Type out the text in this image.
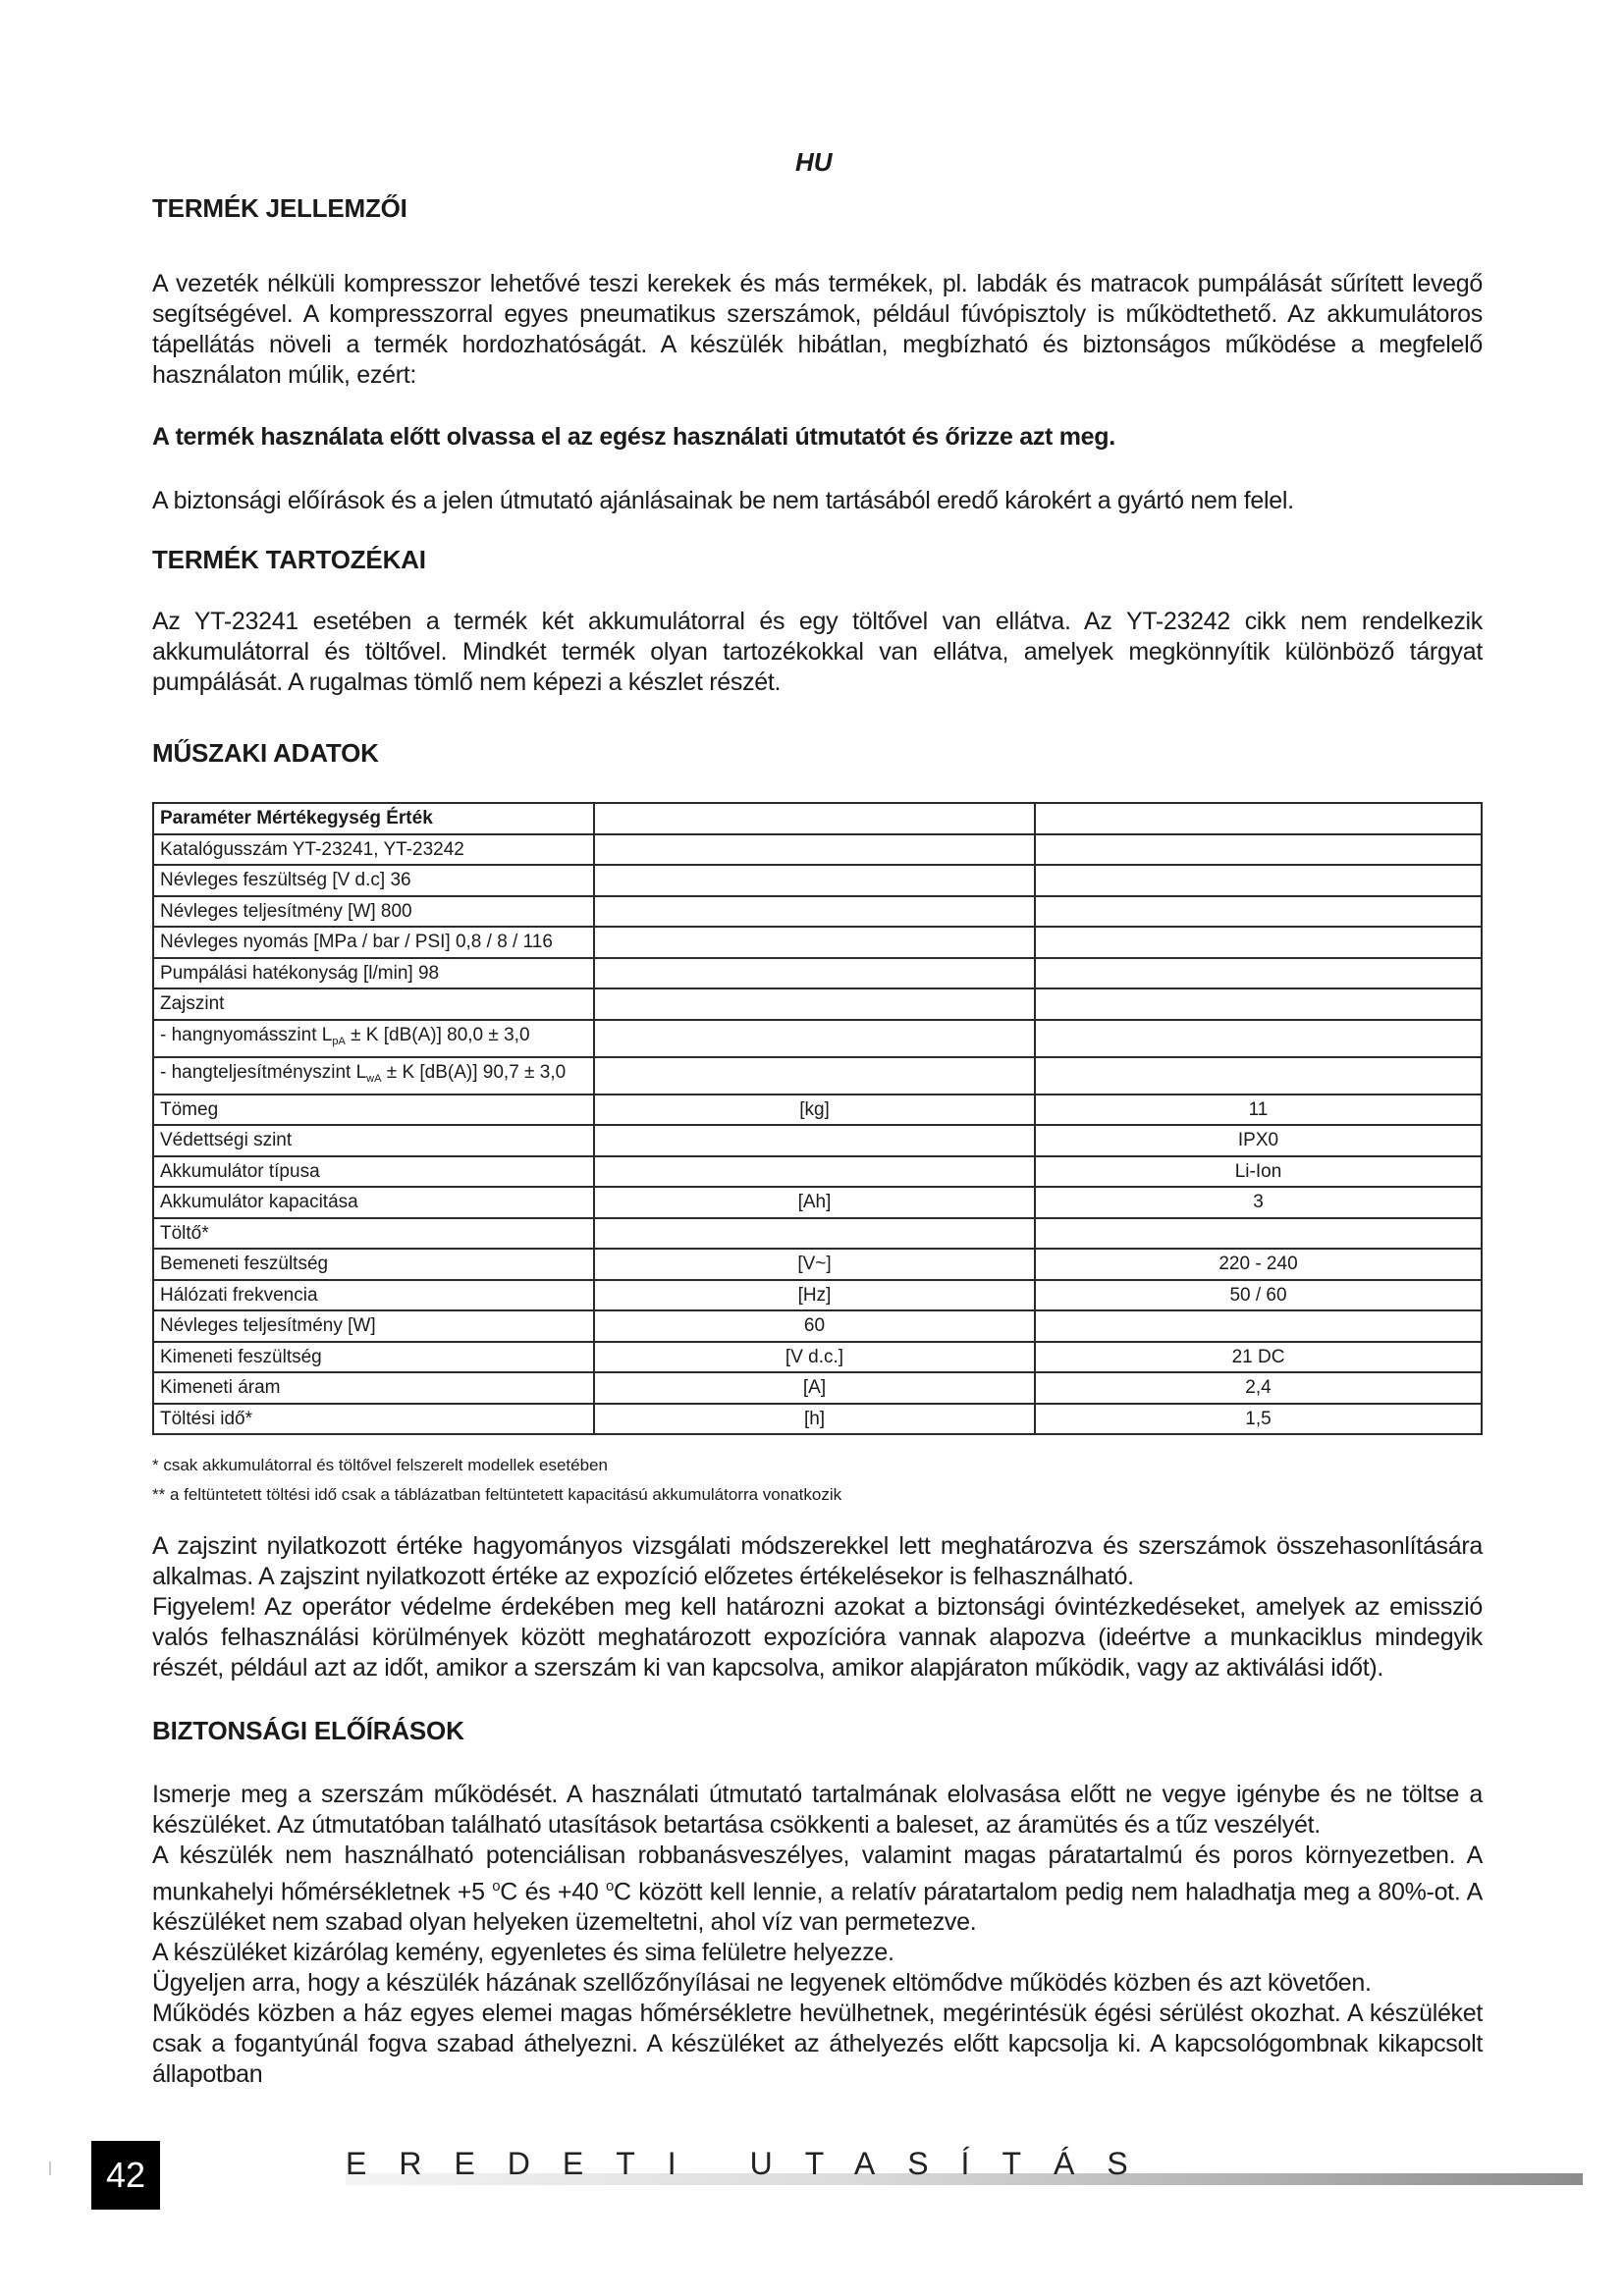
HU
TERMÉK JELLEMZŐI

A vezeték nélküli kompresszor lehetővé teszi kerekek és más termékek, pl. labdák és matracok pumpálását sűrített levegő segítségével. A kompresszorral egyes pneumatikus szerszámok, például fúvópisztoly is működtethető. Az akkumulátoros tápellátás növeli a termék hordozhatóságát. A készülék hibátlan, megbízható és biztonságos működése a megfelelő használaton múlik, ezért:

A termék használata előtt olvassa el az egész használati útmutatót és őrizze azt meg.

A biztonsági előírások és a jelen útmutató ajánlásainak be nem tartásából eredő károkért a gyártó nem felel.

TERMÉK TARTOZÉKAI

Az YT-23241 esetében a termék két akkumulátorral és egy töltővel van ellátva. Az YT-23242 cikk nem rendelkezik akkumulátorral és töltővel. Mindkét termék olyan tartozékokkal van ellátva, amelyek megkönnyítik különböző tárgyat pumpálását. A rugalmas tömlő nem képezi a készlet részét.

MŰSZAKI ADATOK
Paraméter Mértékegység Érték		
Katalógusszám YT-23241, YT-23242		
Névleges feszültség [V d.c] 36		
Névleges teljesítmény [W] 800		
Névleges nyomás [MPa / bar / PSI] 0,8 / 8 / 116		
Pumpálási hatékonyság [l/min] 98		
Zajszint		
- hangnyomásszint $L_{pA} \pm K$ [dB(A)] 80,0 ± 3,0		
- hangteljesítményszint $L_{wA} \pm K$ [dB(A)] 90,7 ± 3,0		
Tömeg	[kg]	11
Védettségi szint		IPX0
Akkumulátor típusa		Li-Ion
Akkumulátor kapacitása	[Ah]	3
Töltő*		
Bemeneti feszültség	[V~]	220 - 240
Hálózati frekvencia	[Hz]	50 / 60
Névleges teljesítmény [W]	60	
Kimeneti feszültség	[V d.c.]	21 DC
Kimeneti áram	[A]	2,4
Töltési idő*	[h]	1,5
* csak akkumulátorral és töltővel felszerelt modellek esetében
** a feltüntetett töltési idő csak a táblázatban feltüntetett kapacitású akkumulátorra vonatkozik

A zajszint nyilatkozott értéke hagyományos vizsgálati módszerekkel lett meghatározva és szerszámok összehasonlítására alkalmas. A zajszint nyilatkozott értéke az expozíció előzetes értékelésekor is felhasználható.

Figyelem! Az operátor védelme érdekében meg kell határozni azokat a biztonsági óvintézkedéseket, amelyek az emisszió valós felhasználási körülmények között meghatározott expozícióra vannak alapozva (ideértve a munkaciklus mindegyik részét, például azt az időt, amikor a szerszám ki van kapcsolva, amikor alapjáraton működik, vagy az aktiválási időt).

BIZTONSÁGI ELŐÍRÁSOK

Ismerje meg a szerszám működését. A használati útmutató tartalmának elolvasása előtt ne vegye igénybe és ne töltse a készüléket. Az útmutatóban található utasítások betartása csökkenti a baleset, az áramütés és a tűz veszélyét.

A készülék nem használható potenciálisan robbanásveszélyes, valamint magas páratartalmú és poros környezetben. A munkahelyi hőmérsékletnek +5 $^o$C és +40 $^o$C között kell lennie, a relatív páratartalom pedig nem haladhatja meg a 80%-ot. A készüléket nem szabad olyan helyeken üzemeltetni, ahol víz van permetezve.

A készüléket kizárólag kemény, egyenletes és sima felületre helyezze.

Ügyeljen arra, hogy a készülék házának szellőzőnyílásai ne legyenek eltömődve működés közben és azt követően.

Működés közben a ház egyes elemei magas hőmérsékletre hevülhetnek, megérintésük égési sérülést okozhat. A készüléket csak a fogantyúnál fogva szabad áthelyezni. A készüléket az áthelyezés előtt kapcsolja ki. A kapcsológombnak kikapcsolt állapotban

42	EREDETI UTASÍTÁS
